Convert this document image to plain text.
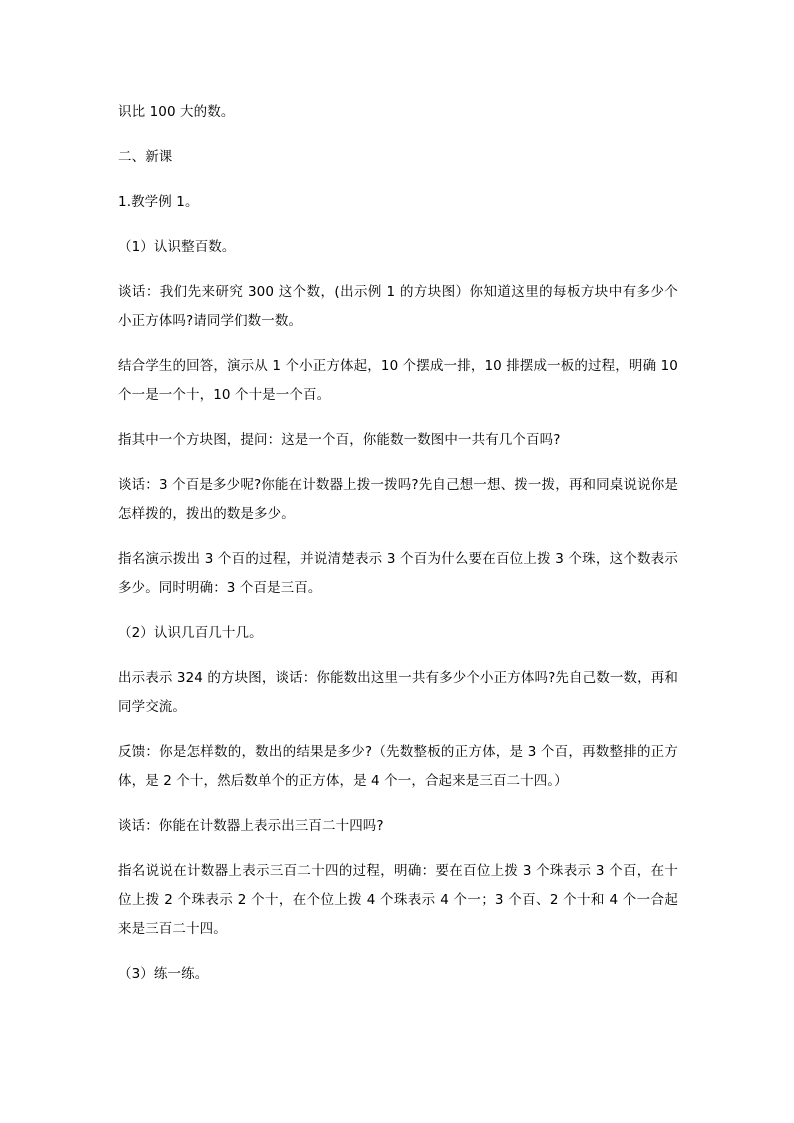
识比 100 大的数。

二、新课

1.教学例 1。

（1）认识整百数。

谈话：我们先来研究 300 这个数，(出示例 1 的方块图）你知道这里的每板方块中有多少个小正方体吗?请同学们数一数。

结合学生的回答，演示从 1 个小正方体起，10 个摆成一排，10 排摆成一板的过程，明确 10 个一是一个十，10 个十是一个百。

指其中一个方块图，提问：这是一个百，你能数一数图中一共有几个百吗?

谈话：3 个百是多少呢?你能在计数器上拨一拨吗?先自己想一想、拨一拨，再和同桌说说你是怎样拨的，拨出的数是多少。

指名演示拨出 3 个百的过程，并说清楚表示 3 个百为什么要在百位上拨 3 个珠，这个数表示多少。同时明确：3 个百是三百。

（2）认识几百几十几。

出示表示 324 的方块图，谈话：你能数出这里一共有多少个小正方体吗?先自己数一数，再和同学交流。

反馈：你是怎样数的，数出的结果是多少?（先数整板的正方体，是 3 个百，再数整排的正方体，是 2 个十，然后数单个的正方体，是 4 个一，合起来是三百二十四。）

谈话：你能在计数器上表示出三百二十四吗?

指名说说在计数器上表示三百二十四的过程，明确：要在百位上拨 3 个珠表示 3 个百，在十位上拨 2 个珠表示 2 个十，在个位上拨 4 个珠表示 4 个一；3 个百、2 个十和 4 个一合起来是三百二十四。

（3）练一练。
